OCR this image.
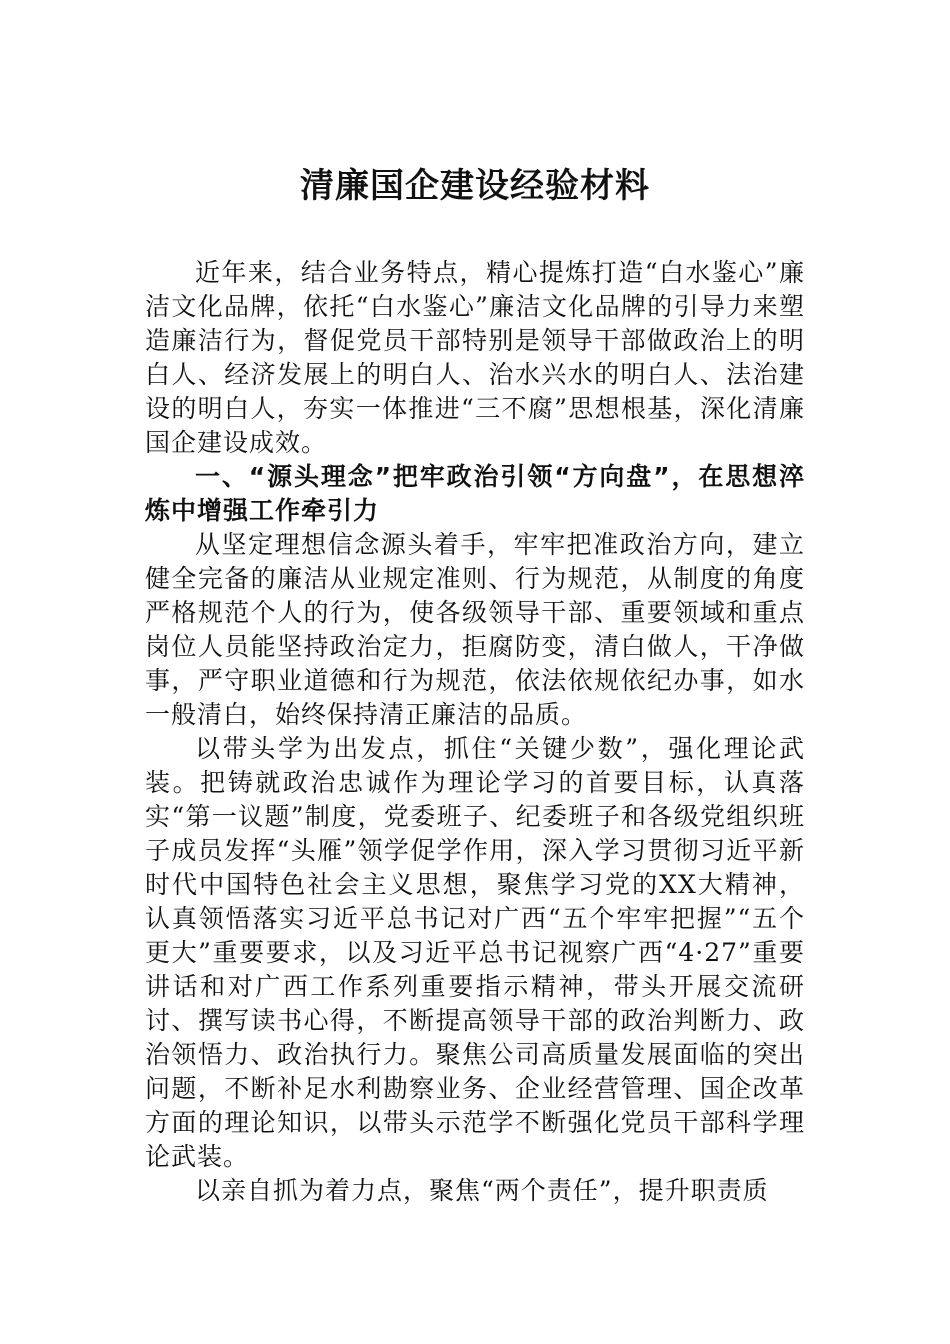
清廉国企建设经验材料

近年来，结合业务特点，精心提炼打造“白水鉴心”廉洁文化品牌，依托“白水鉴心”廉洁文化品牌的引导力来塑造廉洁行为，督促党员干部特别是领导干部做政治上的明白人、经济发展上的明白人、治水兴水的明白人、法治建设的明白人，夯实一体推进“三不腐”思想根基，深化清廉国企建设成效。

一、“源头理念”把牢政治引领“方向盘”，在思想淬炼中增强工作牵引力

从坚定理想信念源头着手，牢牢把准政治方向，建立健全完备的廉洁从业规定准则、行为规范，从制度的角度严格规范个人的行为，使各级领导干部、重要领域和重点岗位人员能坚持政治定力，拒腐防变，清白做人，干净做事，严守职业道德和行为规范，依法依规依纪办事，如水一般清白，始终保持清正廉洁的品质。

以带头学为出发点，抓住“关键少数”，强化理论武装。把铸就政治忠诚作为理论学习的首要目标，认真落实“第一议题”制度，党委班子、纪委班子和各级党组织班子成员发挥“头雁”领学促学作用，深入学习贯彻习近平新时代中国特色社会主义思想，聚焦学习党的XX大精神，认真领悟落实习近平总书记对广西“五个牢牢把握”“五个更大”重要要求，以及习近平总书记视察广西“4·27”重要讲话和对广西工作系列重要指示精神，带头开展交流研讨、撰写读书心得，不断提高领导干部的政治判断力、政治领悟力、政治执行力。聚焦公司高质量发展面临的突出问题，不断补足水利勘察业务、企业经营管理、国企改革方面的理论知识，以带头示范学不断强化党员干部科学理论武装。

以亲自抓为着力点，聚焦“两个责任”，提升职责质
